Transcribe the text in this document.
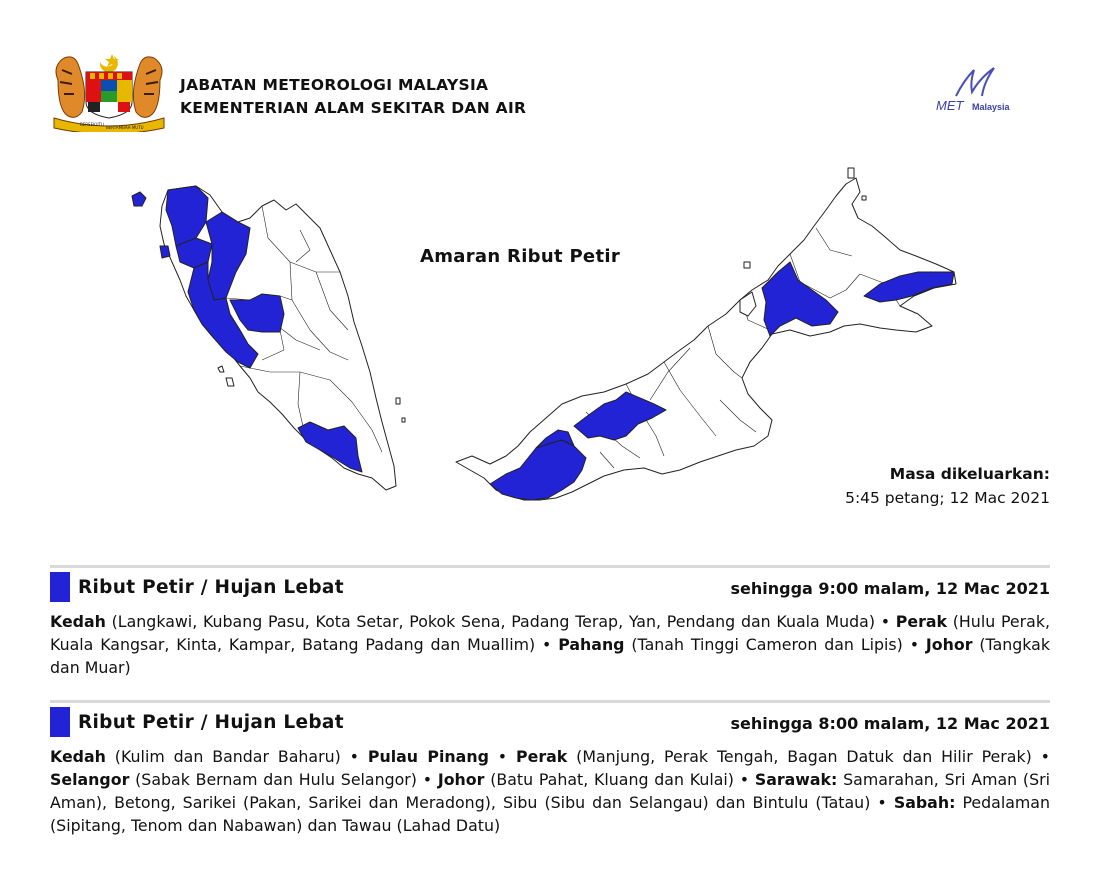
BERSEKUTU
BERTAMBAH MUTU
JABATAN METEOROLOGI MALAYSIA
KEMENTERIAN ALAM SEKITAR DAN AIR	MET Malaysia
Amaran Ribut Petir
Masa dikeluarkan:
5:45 petang; 12 Mac 2021
Ribut Petir / Hujan Lebat	sehingga 9:00 malam, 12 Mac 2021
Kedah (Langkawi, Kubang Pasu, Kota Setar, Pokok Sena, Padang Terap, Yan, Pendang dan Kuala Muda) • Perak (Hulu Perak, Kuala Kangsar, Kinta, Kampar, Batang Padang dan Muallim) • Pahang (Tanah Tinggi Cameron dan Lipis) • Johor (Tangkak dan Muar)
Ribut Petir / Hujan Lebat	sehingga 8:00 malam, 12 Mac 2021
Kedah (Kulim dan Bandar Baharu) • Pulau Pinang • Perak (Manjung, Perak Tengah, Bagan Datuk dan Hilir Perak) • Selangor (Sabak Bernam dan Hulu Selangor) • Johor (Batu Pahat, Kluang dan Kulai) • Sarawak: Samarahan, Sri Aman (Sri Aman), Betong, Sarikei (Pakan, Sarikei dan Meradong), Sibu (Sibu dan Selangau) dan Bintulu (Tatau) • Sabah: Pedalaman (Sipitang, Tenom dan Nabawan) dan Tawau (Lahad Datu)
